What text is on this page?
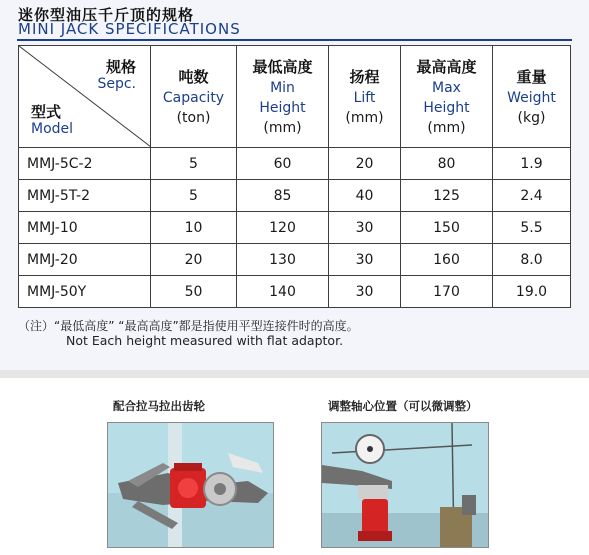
迷你型油压千斤顶的规格
MINI JACK SPECIFICATIONS
规格
Sepc.
型式
Model	吨数
Capacity
(ton)	最低高度
Min
Height
(mm)	扬程
Lift
(mm)	最高高度
Max
Height
(mm)	重量
Weight
(kg)

MMJ-5C-2	5	60	20	80	1.9
MMJ-5T-2	5	85	40	125	2.4
MMJ-10	10	120	30	150	5.5
MMJ-20	20	130	30	160	8.0
MMJ-50Y	50	140	30	170	19.0
（注）“最低高度” “最高高度”都是指使用平型连接件时的高度。
Not Each height measured with flat adaptor.
配合拉马拉出齿轮	调整轴心位置（可以微调整）
